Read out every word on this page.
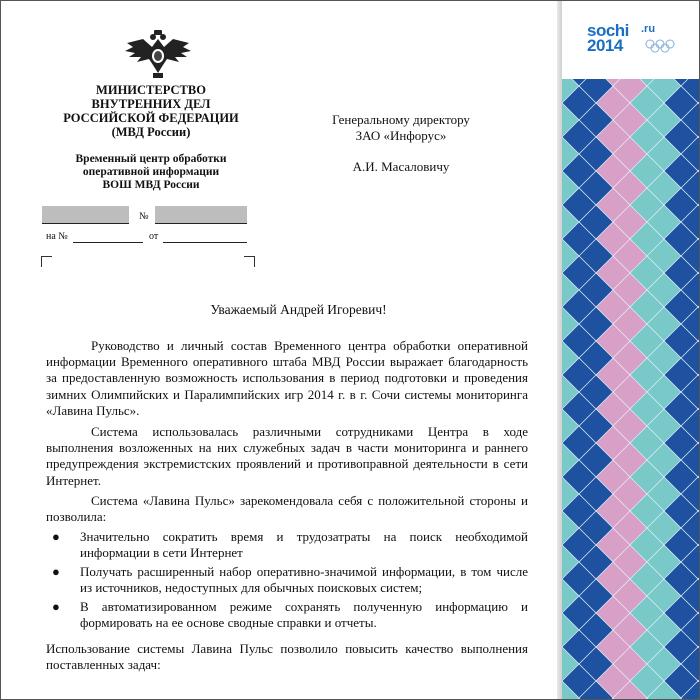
МИНИСТЕРСТВО
ВНУТРЕННИХ ДЕЛ
РОССИЙСКОЙ ФЕДЕРАЦИИ
(МВД России)
Временный центр обработки
оперативной информации
ВОШ МВД России
№
на №	от
Генеральному директору
ЗАО «Инфорус»
А.И. Масаловичу
Уважаемый Андрей Игоревич!

Руководство и личный состав Временного центра обработки оперативной информации Временного оперативного штаба МВД России выражает благодарность за предоставленную возможность использования в период подготовки и проведения зимних Олимпийских и Паралимпийских игр 2014 г. в г. Сочи системы мониторинга «Лавина Пульс».

Система использовалась различными сотрудниками Центра в ходе выполнения возложенных на них служебных задач в части мониторинга и раннего предупреждения экстремистских проявлений и противоправной деятельности в сети Интернет.

Система «Лавина Пульс» зарекомендовала себя с положительной стороны и позволила:

● Значительно сократить время и трудозатраты на поиск необходимой информации в сети Интернет
● Получать расширенный набор оперативно-значимой информации, в том числе из источников, недоступных для обычных поисковых систем;
● В автоматизированном режиме сохранять полученную информацию и формировать на ее основе сводные справки и отчеты.

Использование системы Лавина Пульс позволило повысить качество выполнения поставленных задач:

sochi .ru
2014
